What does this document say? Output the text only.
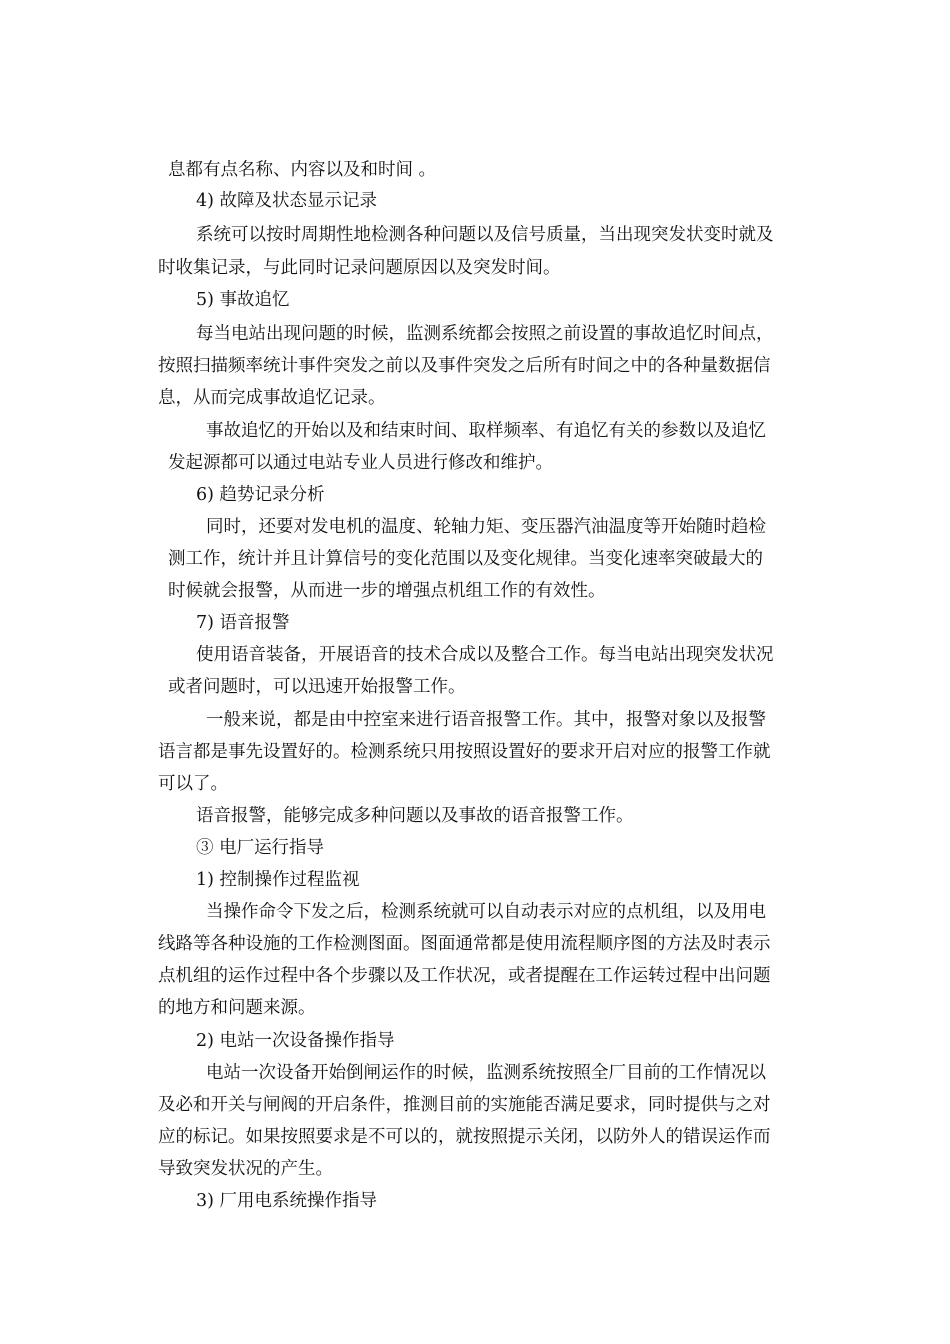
息都有点名称、内容以及和时间 。
4) 故障及状态显示记录
系统可以按时周期性地检测各种问题以及信号质量，当出现突发状变时就及
时收集记录，与此同时记录问题原因以及突发时间。
5) 事故追忆
每当电站出现问题的时候，监测系统都会按照之前设置的事故追忆时间点，
按照扫描频率统计事件突发之前以及事件突发之后所有时间之中的各种量数据信
息，从而完成事故追忆记录。
事故追忆的开始以及和结束时间、取样频率、有追忆有关的参数以及追忆
发起源都可以通过电站专业人员进行修改和维护。
6) 趋势记录分析
同时，还要对发电机的温度、轮轴力矩、变压器汽油温度等开始随时趋检
测工作，统计并且计算信号的变化范围以及变化规律。当变化速率突破最大的
时候就会报警，从而进一步的增强点机组工作的有效性。
7) 语音报警
使用语音装备，开展语音的技术合成以及整合工作。每当电站出现突发状况
或者问题时，可以迅速开始报警工作。
一般来说，都是由中控室来进行语音报警工作。其中，报警对象以及报警
语言都是事先设置好的。检测系统只用按照设置好的要求开启对应的报警工作就
可以了。
语音报警，能够完成多种问题以及事故的语音报警工作。
③ 电厂运行指导
1) 控制操作过程监视
当操作命令下发之后，检测系统就可以自动表示对应的点机组，以及用电
线路等各种设施的工作检测图面。图面通常都是使用流程顺序图的方法及时表示
点机组的运作过程中各个步骤以及工作状况，或者提醒在工作运转过程中出问题
的地方和问题来源。
2) 电站一次设备操作指导
电站一次设备开始倒闸运作的时候，监测系统按照全厂目前的工作情况以
及必和开关与闸阀的开启条件，推测目前的实施能否满足要求，同时提供与之对
应的标记。如果按照要求是不可以的，就按照提示关闭，以防外人的错误运作而
导致突发状况的产生。
3) 厂用电系统操作指导
